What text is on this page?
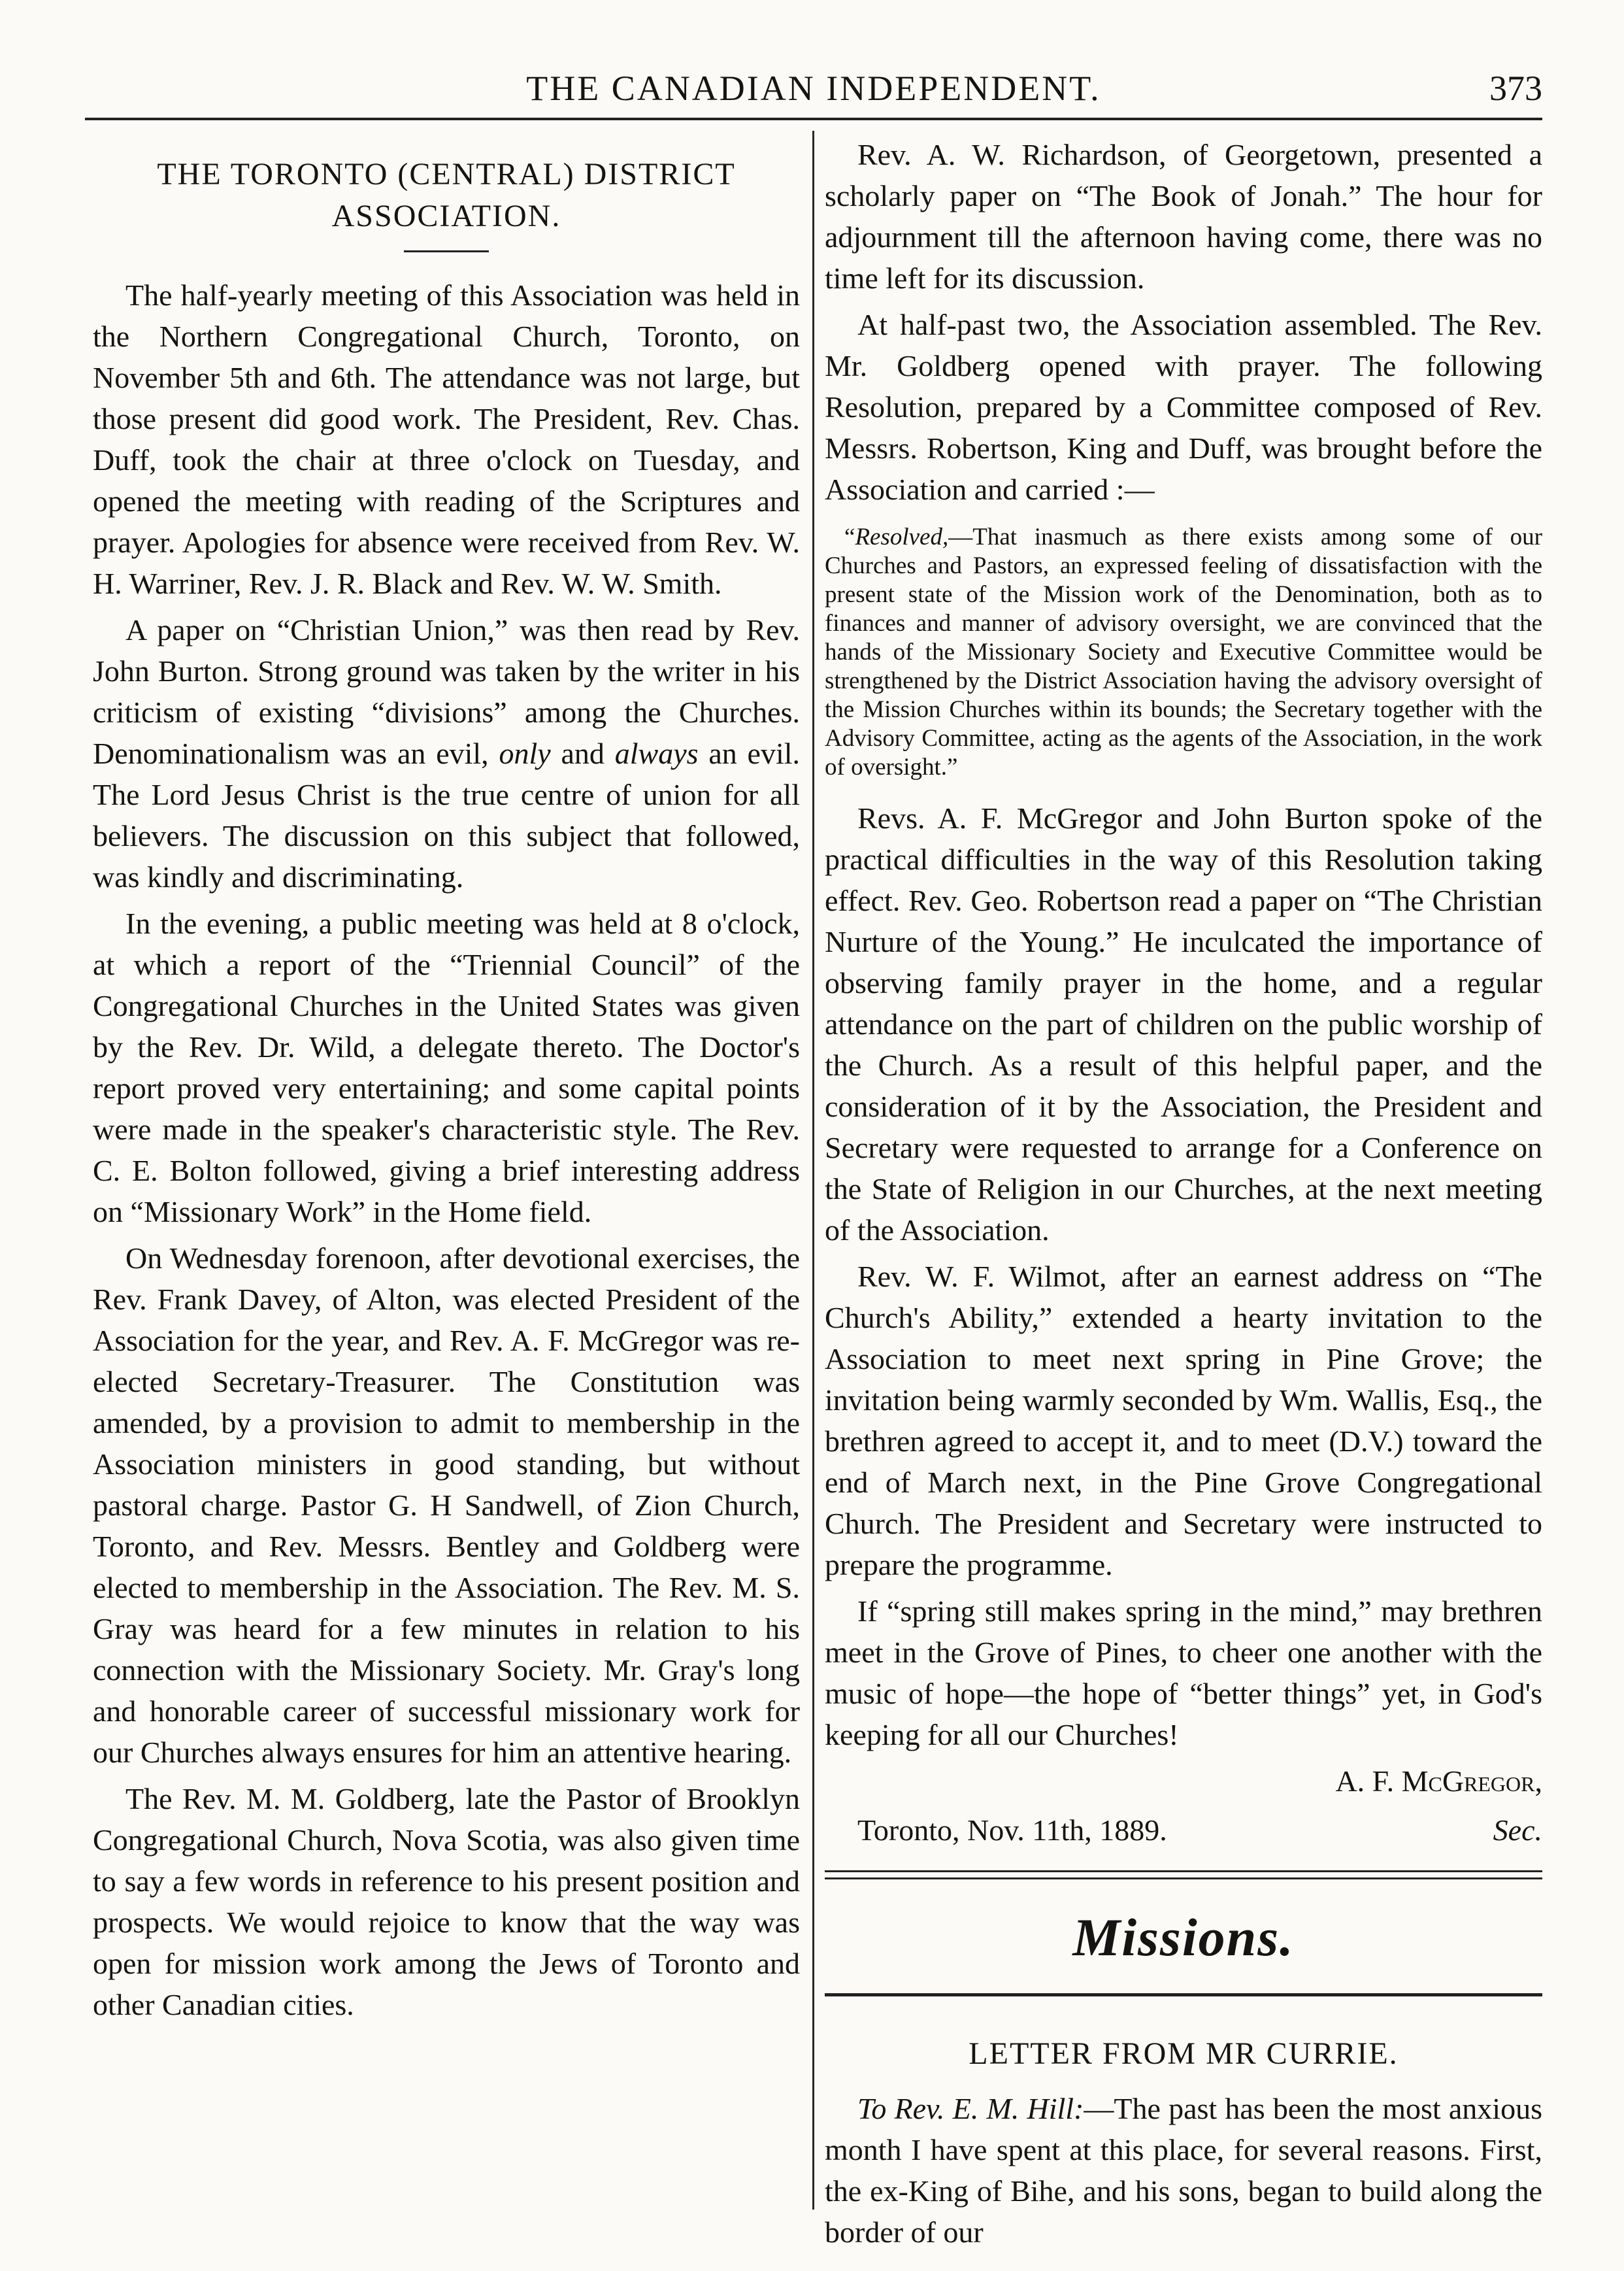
THE CANADIAN INDEPENDENT.	373
THE TORONTO (CENTRAL) DISTRICT
ASSOCIATION.

The half-yearly meeting of this Association was held in the Northern Congregational Church, Toronto, on November 5th and 6th. The attendance was not large, but those present did good work. The President, Rev. Chas. Duff, took the chair at three o'clock on Tuesday, and opened the meeting with reading of the Scriptures and prayer. Apologies for absence were received from Rev. W. H. Warriner, Rev. J. R. Black and Rev. W. W. Smith.

A paper on “Christian Union,” was then read by Rev. John Burton. Strong ground was taken by the writer in his criticism of existing “divisions” among the Churches. Denominationalism was an evil, only and always an evil. The Lord Jesus Christ is the true centre of union for all believers. The discussion on this subject that followed, was kindly and discriminating.

In the evening, a public meeting was held at 8 o'clock, at which a report of the “Triennial Council” of the Congregational Churches in the United States was given by the Rev. Dr. Wild, a delegate thereto. The Doctor's report proved very entertaining; and some capital points were made in the speaker's characteristic style. The Rev. C. E. Bolton followed, giving a brief interesting address on “Missionary Work” in the Home field.

On Wednesday forenoon, after devotional exercises, the Rev. Frank Davey, of Alton, was elected President of the Association for the year, and Rev. A. F. McGregor was re-elected Secretary-Treasurer. The Constitution was amended, by a provision to admit to membership in the Association ministers in good standing, but without pastoral charge. Pastor G. H Sandwell, of Zion Church, Toronto, and Rev. Messrs. Bentley and Goldberg were elected to membership in the Association. The Rev. M. S. Gray was heard for a few minutes in relation to his connection with the Missionary Society. Mr. Gray's long and honorable career of successful missionary work for our Churches always ensures for him an attentive hearing.

The Rev. M. M. Goldberg, late the Pastor of Brooklyn Congregational Church, Nova Scotia, was also given time to say a few words in reference to his present position and prospects. We would rejoice to know that the way was open for mission work among the Jews of Toronto and other Canadian cities.

Rev. A. W. Richardson, of Georgetown, presented a scholarly paper on “The Book of Jonah.” The hour for adjournment till the afternoon having come, there was no time left for its discussion.

At half-past two, the Association assembled. The Rev. Mr. Goldberg opened with prayer. The following Resolution, prepared by a Committee composed of Rev. Messrs. Robertson, King and Duff, was brought before the Association and carried :—

“Resolved,—That inasmuch as there exists among some of our Churches and Pastors, an expressed feeling of dissatisfaction with the present state of the Mission work of the Denomination, both as to finances and manner of advisory oversight, we are convinced that the hands of the Missionary Society and Executive Committee would be strengthened by the District Association having the advisory oversight of the Mission Churches within its bounds; the Secretary together with the Advisory Committee, acting as the agents of the Association, in the work of oversight.”

Revs. A. F. McGregor and John Burton spoke of the practical difficulties in the way of this Resolution taking effect. Rev. Geo. Robertson read a paper on “The Christian Nurture of the Young.” He inculcated the importance of observing family prayer in the home, and a regular attendance on the part of children on the public worship of the Church. As a result of this helpful paper, and the consideration of it by the Association, the President and Secretary were requested to arrange for a Conference on the State of Religion in our Churches, at the next meeting of the Association.

Rev. W. F. Wilmot, after an earnest address on “The Church's Ability,” extended a hearty invitation to the Association to meet next spring in Pine Grove; the invitation being warmly seconded by Wm. Wallis, Esq., the brethren agreed to accept it, and to meet (D.V.) toward the end of March next, in the Pine Grove Congregational Church. The President and Secretary were instructed to prepare the programme.

If “spring still makes spring in the mind,” may brethren meet in the Grove of Pines, to cheer one another with the music of hope—the hope of “better things” yet, in God's keeping for all our Churches!

A. F. McGregor,
Toronto, Nov. 11th, 1889.	Sec.
Missions.
LETTER FROM MR CURRIE.

To Rev. E. M. Hill:—The past has been the most anxious month I have spent at this place, for several reasons. First, the ex-King of Bihe, and his sons, began to build along the border of our
